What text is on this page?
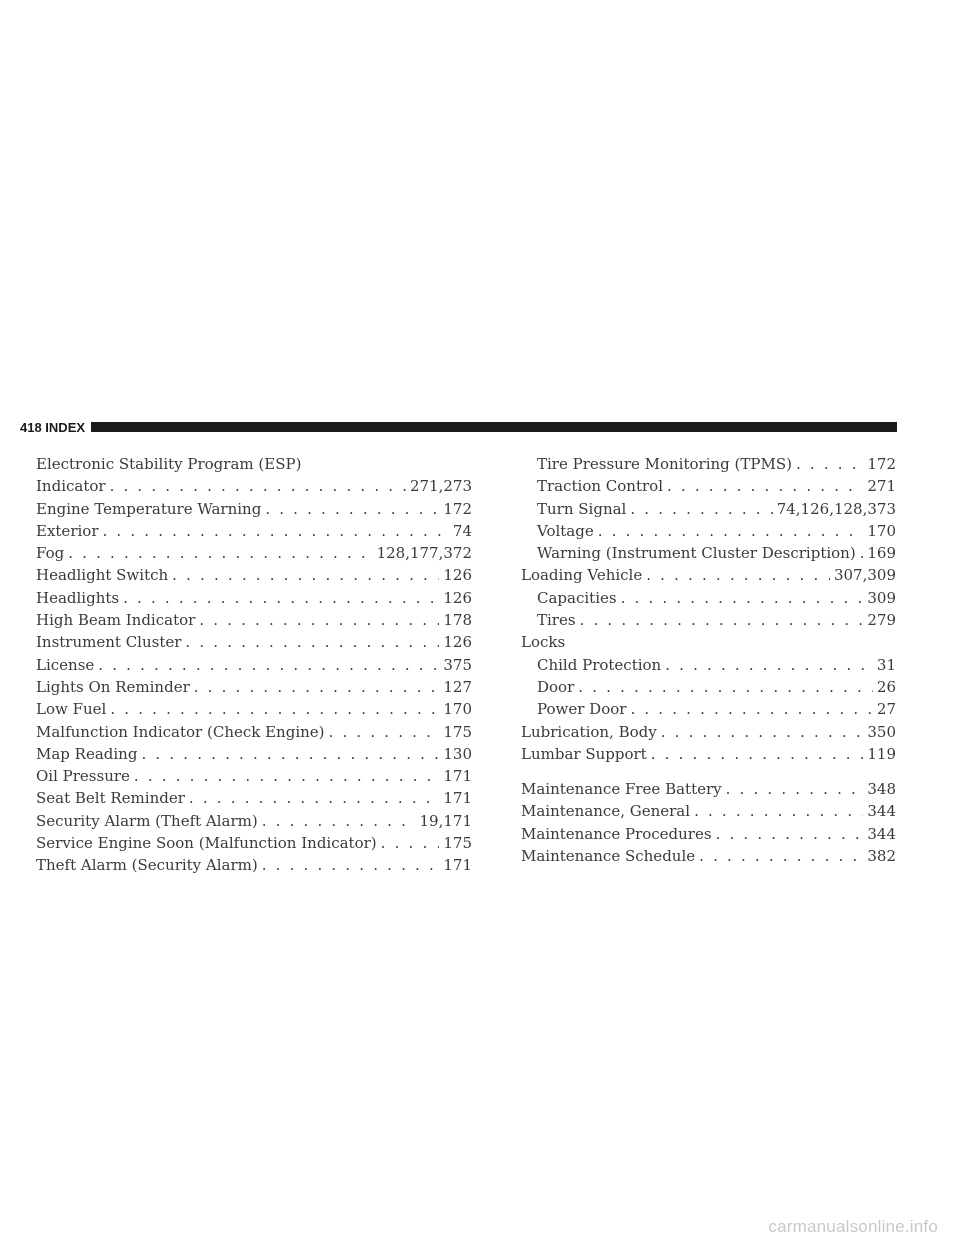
418 INDEX
Electronic Stability Program (ESP)
Indicator . . .	271,273
Engine Temperature Warning . . .	172
Exterior . . .	74
Fog . . .	128,177,372
Headlight Switch . . .	126
Headlights . . .	126
High Beam Indicator . . .	178
Instrument Cluster . . .	126
License . . .	375
Lights On Reminder . . .	127
Low Fuel . . .	170
Malfunction Indicator (Check Engine) . . .	175
Map Reading . . .	130
Oil Pressure . . .	171
Seat Belt Reminder . . .	171
Security Alarm (Theft Alarm) . . .	19,171
Service Engine Soon (Malfunction Indicator) . . .	175
Theft Alarm (Security Alarm) . . .	171
Tire Pressure Monitoring (TPMS) . . .	172
Traction Control . . .	271
Turn Signal . . .	74,126,128,373
Voltage . . .	170
Warning (Instrument Cluster Description) . . . 169
Loading Vehicle . . .	307,309
Capacities . . .	309
Tires . . .	279
Locks
Child Protection . . .	31
Door . . .	26
Power Door . . .	27
Lubrication, Body . . .	350
Lumbar Support . . .	119
Maintenance Free Battery . . .	348
Maintenance, General . . .	344
Maintenance Procedures . . .	344
Maintenance Schedule . . .	382
carmanualsonline.info
